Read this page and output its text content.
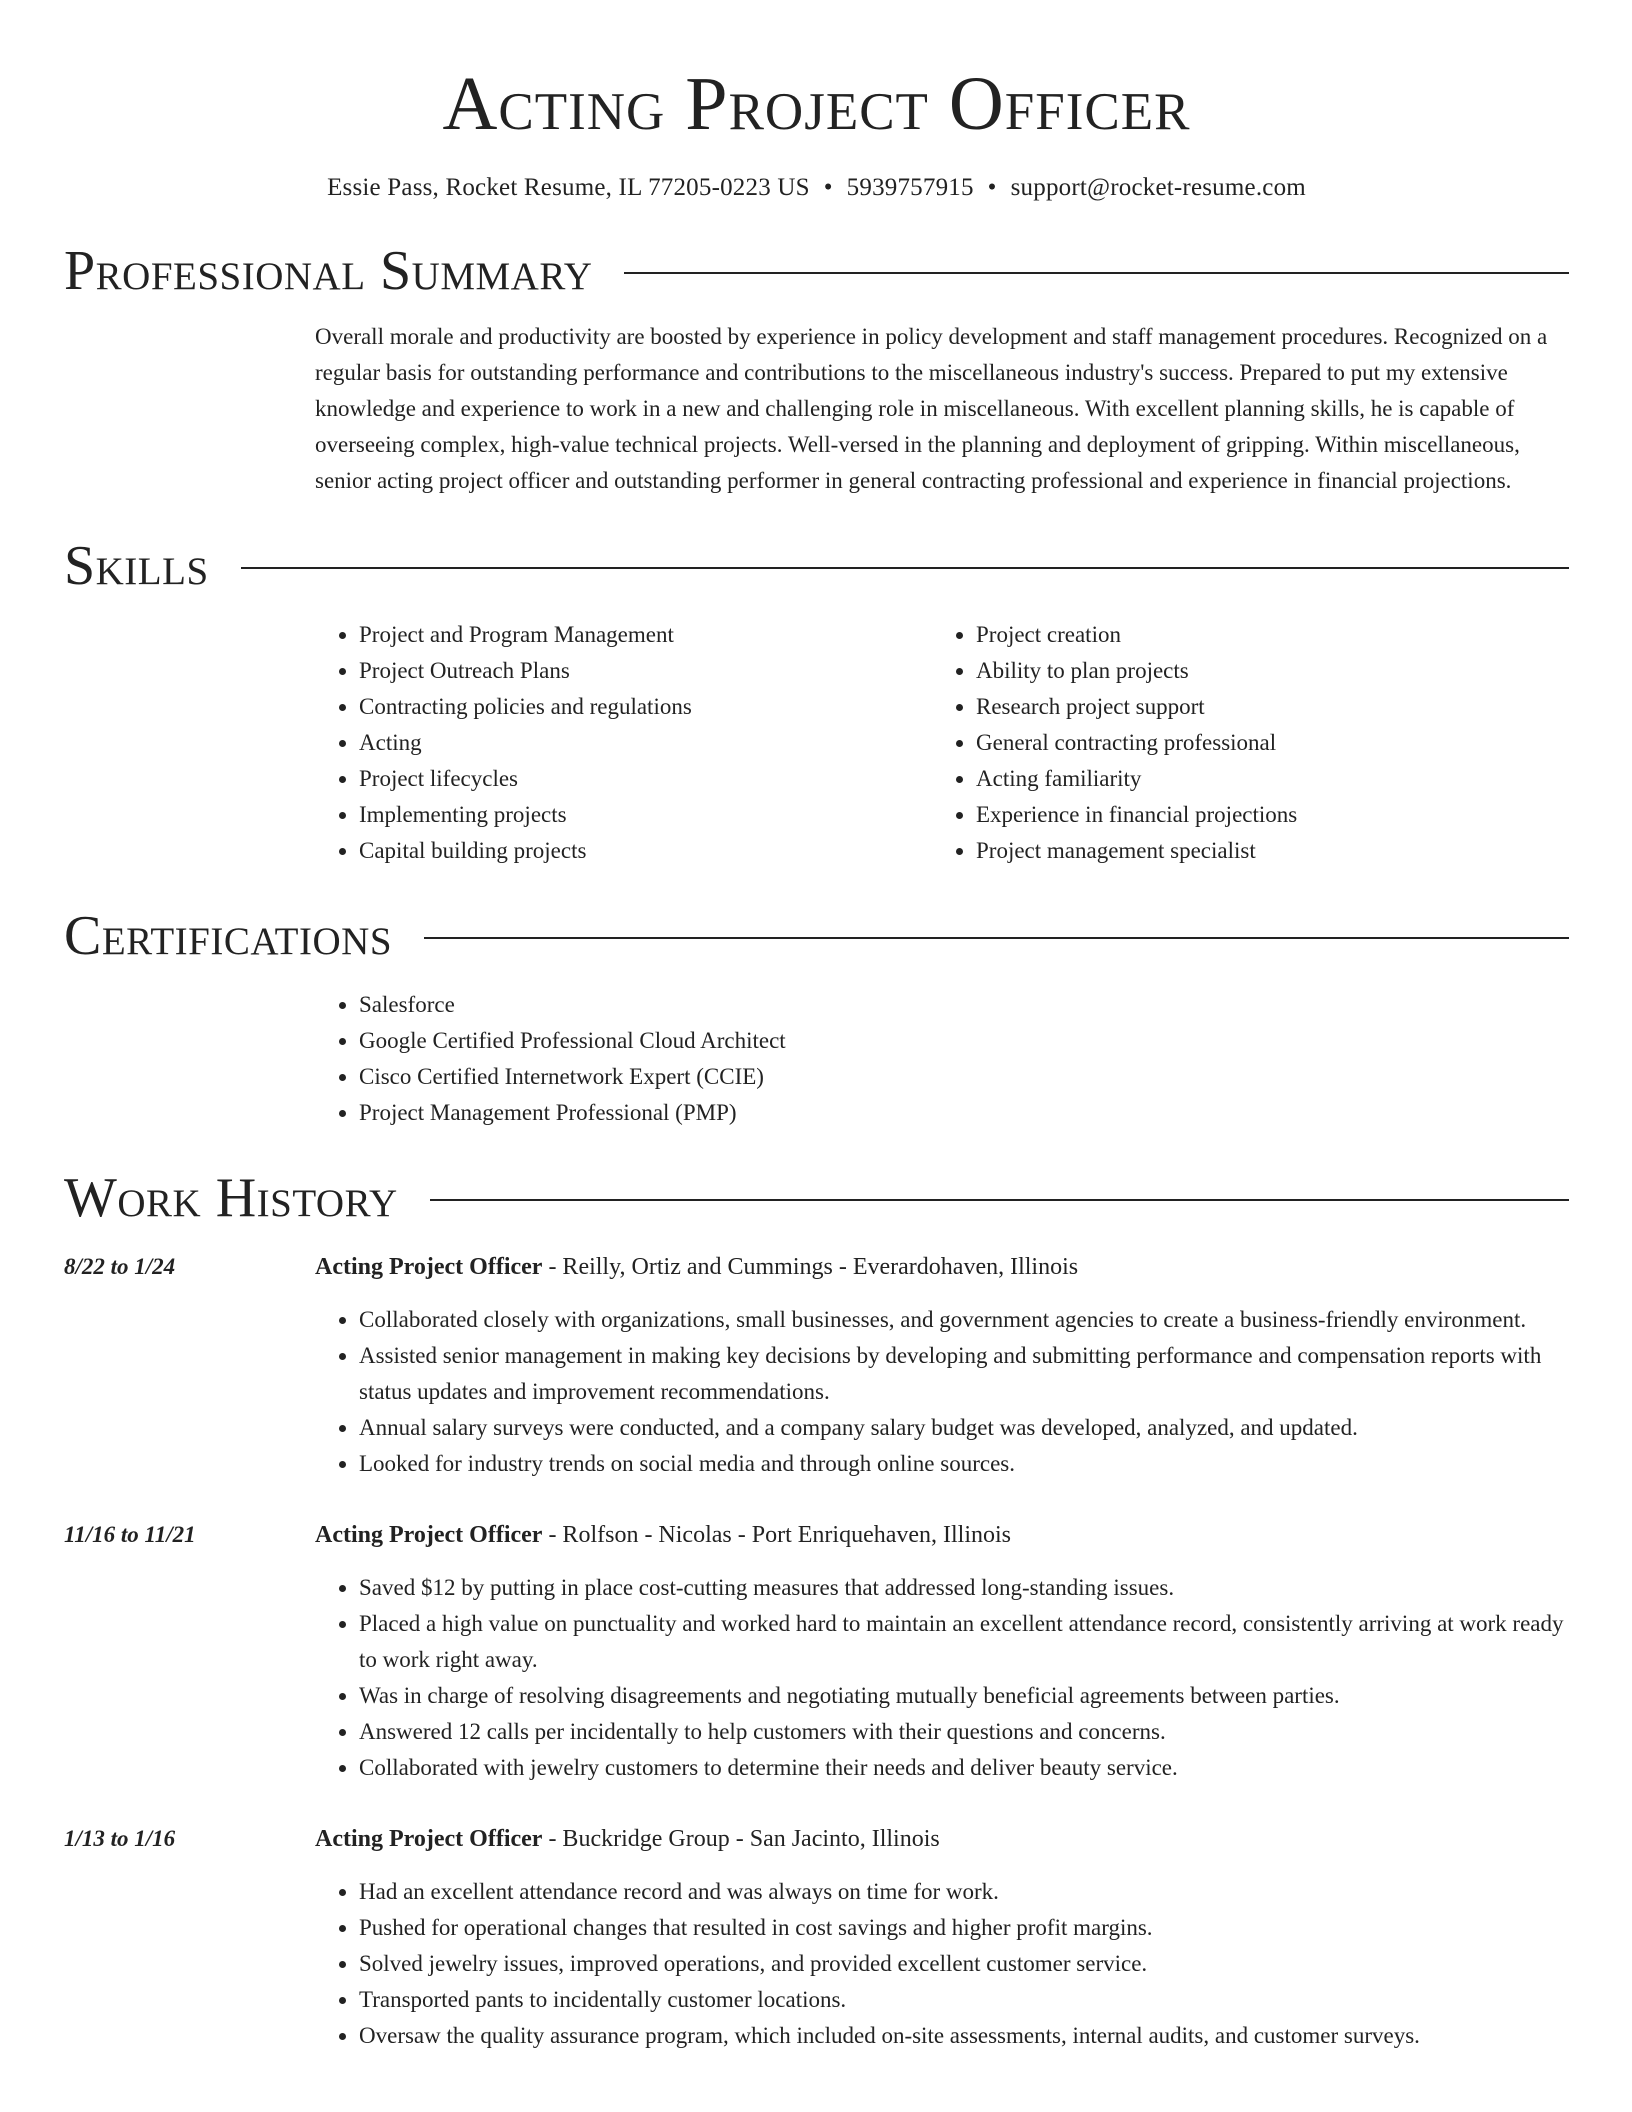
Acting Project Officer
Essie Pass, Rocket Resume, IL 77205-0223 US • 5939757915 • support@rocket-resume.com
Professional Summary
Overall morale and productivity are boosted by experience in policy development and staff management procedures. Recognized on a regular basis for outstanding performance and contributions to the miscellaneous industry's success. Prepared to put my extensive knowledge and experience to work in a new and challenging role in miscellaneous. With excellent planning skills, he is capable of overseeing complex, high-value technical projects. Well-versed in the planning and deployment of gripping. Within miscellaneous, senior acting project officer and outstanding performer in general contracting professional and experience in financial projections.
Skills
• Project and Program Management
• Project Outreach Plans
• Contracting policies and regulations
• Acting
• Project lifecycles
• Implementing projects
• Capital building projects
• Project creation
• Ability to plan projects
• Research project support
• General contracting professional
• Acting familiarity
• Experience in financial projections
• Project management specialist
Certifications
• Salesforce
• Google Certified Professional Cloud Architect
• Cisco Certified Internetwork Expert (CCIE)
• Project Management Professional (PMP)
Work History
8/22 to 1/24	Acting Project Officer - Reilly, Ortiz and Cummings - Everardohaven, Illinois
• Collaborated closely with organizations, small businesses, and government agencies to create a business-friendly environment.
• Assisted senior management in making key decisions by developing and submitting performance and compensation reports with status updates and improvement recommendations.
• Annual salary surveys were conducted, and a company salary budget was developed, analyzed, and updated.
• Looked for industry trends on social media and through online sources.
11/16 to 11/21	Acting Project Officer - Rolfson - Nicolas - Port Enriquehaven, Illinois
• Saved $12 by putting in place cost-cutting measures that addressed long-standing issues.
• Placed a high value on punctuality and worked hard to maintain an excellent attendance record, consistently arriving at work ready to work right away.
• Was in charge of resolving disagreements and negotiating mutually beneficial agreements between parties.
• Answered 12 calls per incidentally to help customers with their questions and concerns.
• Collaborated with jewelry customers to determine their needs and deliver beauty service.
1/13 to 1/16	Acting Project Officer - Buckridge Group - San Jacinto, Illinois
• Had an excellent attendance record and was always on time for work.
• Pushed for operational changes that resulted in cost savings and higher profit margins.
• Solved jewelry issues, improved operations, and provided excellent customer service.
• Transported pants to incidentally customer locations.
• Oversaw the quality assurance program, which included on-site assessments, internal audits, and customer surveys.
